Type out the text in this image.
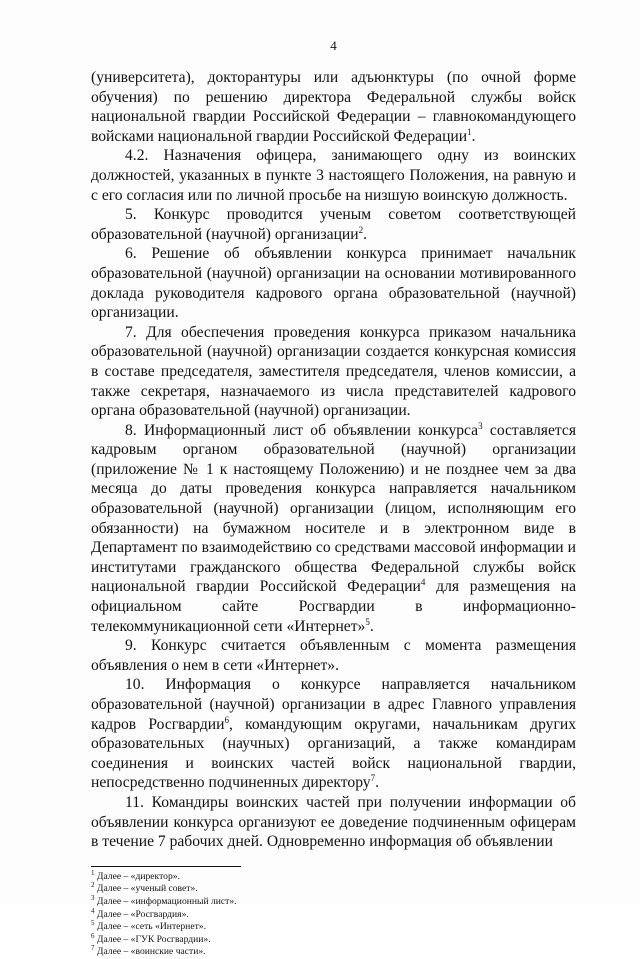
4

(университета), докторантуры или адъюнктуры (по очной форме обучения) по решению директора Федеральной службы войск национальной гвардии Российской Федерации – главнокомандующего войсками национальной гвардии Российской Федерации$^1$.

4.2. Назначения офицера, занимающего одну из воинских должностей, указанных в пункте 3 настоящего Положения, на равную и с его согласия или по личной просьбе на низшую воинскую должность.

5. Конкурс проводится ученым советом соответствующей образовательной (научной) организации$^2$.

6. Решение об объявлении конкурса принимает начальник образовательной (научной) организации на основании мотивированного доклада руководителя кадрового органа образовательной (научной) организации.

7. Для обеспечения проведения конкурса приказом начальника образовательной (научной) организации создается конкурсная комиссия в составе председателя, заместителя председателя, членов комиссии, а также секретаря, назначаемого из числа представителей кадрового органа образовательной (научной) организации.

8. Информационный лист об объявлении конкурса$^3$ составляется кадровым органом образовательной (научной) организации (приложение № 1 к настоящему Положению) и не позднее чем за два месяца до даты проведения конкурса направляется начальником образовательной (научной) организации (лицом, исполняющим его обязанности) на бумажном носителе и в электронном виде в Департамент по взаимодействию со средствами массовой информации и институтами гражданского общества Федеральной службы войск национальной гвардии Российской Федерации$^4$ для размещения на официальном сайте Росгвардии в информационно-телекоммуникационной сети «Интернет»$^5$.

9. Конкурс считается объявленным с момента размещения объявления о нем в сети «Интернет».

10. Информация о конкурсе направляется начальником образовательной (научной) организации в адрес Главного управления кадров Росгвардии$^6$, командующим округами, начальникам других образовательных (научных) организаций, а также командирам соединения и воинских частей войск национальной гвардии, непосредственно подчиненных директору$^7$.

11. Командиры воинских частей при получении информации об объявлении конкурса организуют ее доведение подчиненным офицерам в течение 7 рабочих дней. Одновременно информация об объявлении

$^1$ Далее – «директор».
$^2$ Далее – «ученый совет».
$^3$ Далее – «информационный лист».
$^4$ Далее – «Росгвардия».
$^5$ Далее – «сеть «Интернет».
$^6$ Далее – «ГУК Росгвардии».
$^7$ Далее – «воинские части».
